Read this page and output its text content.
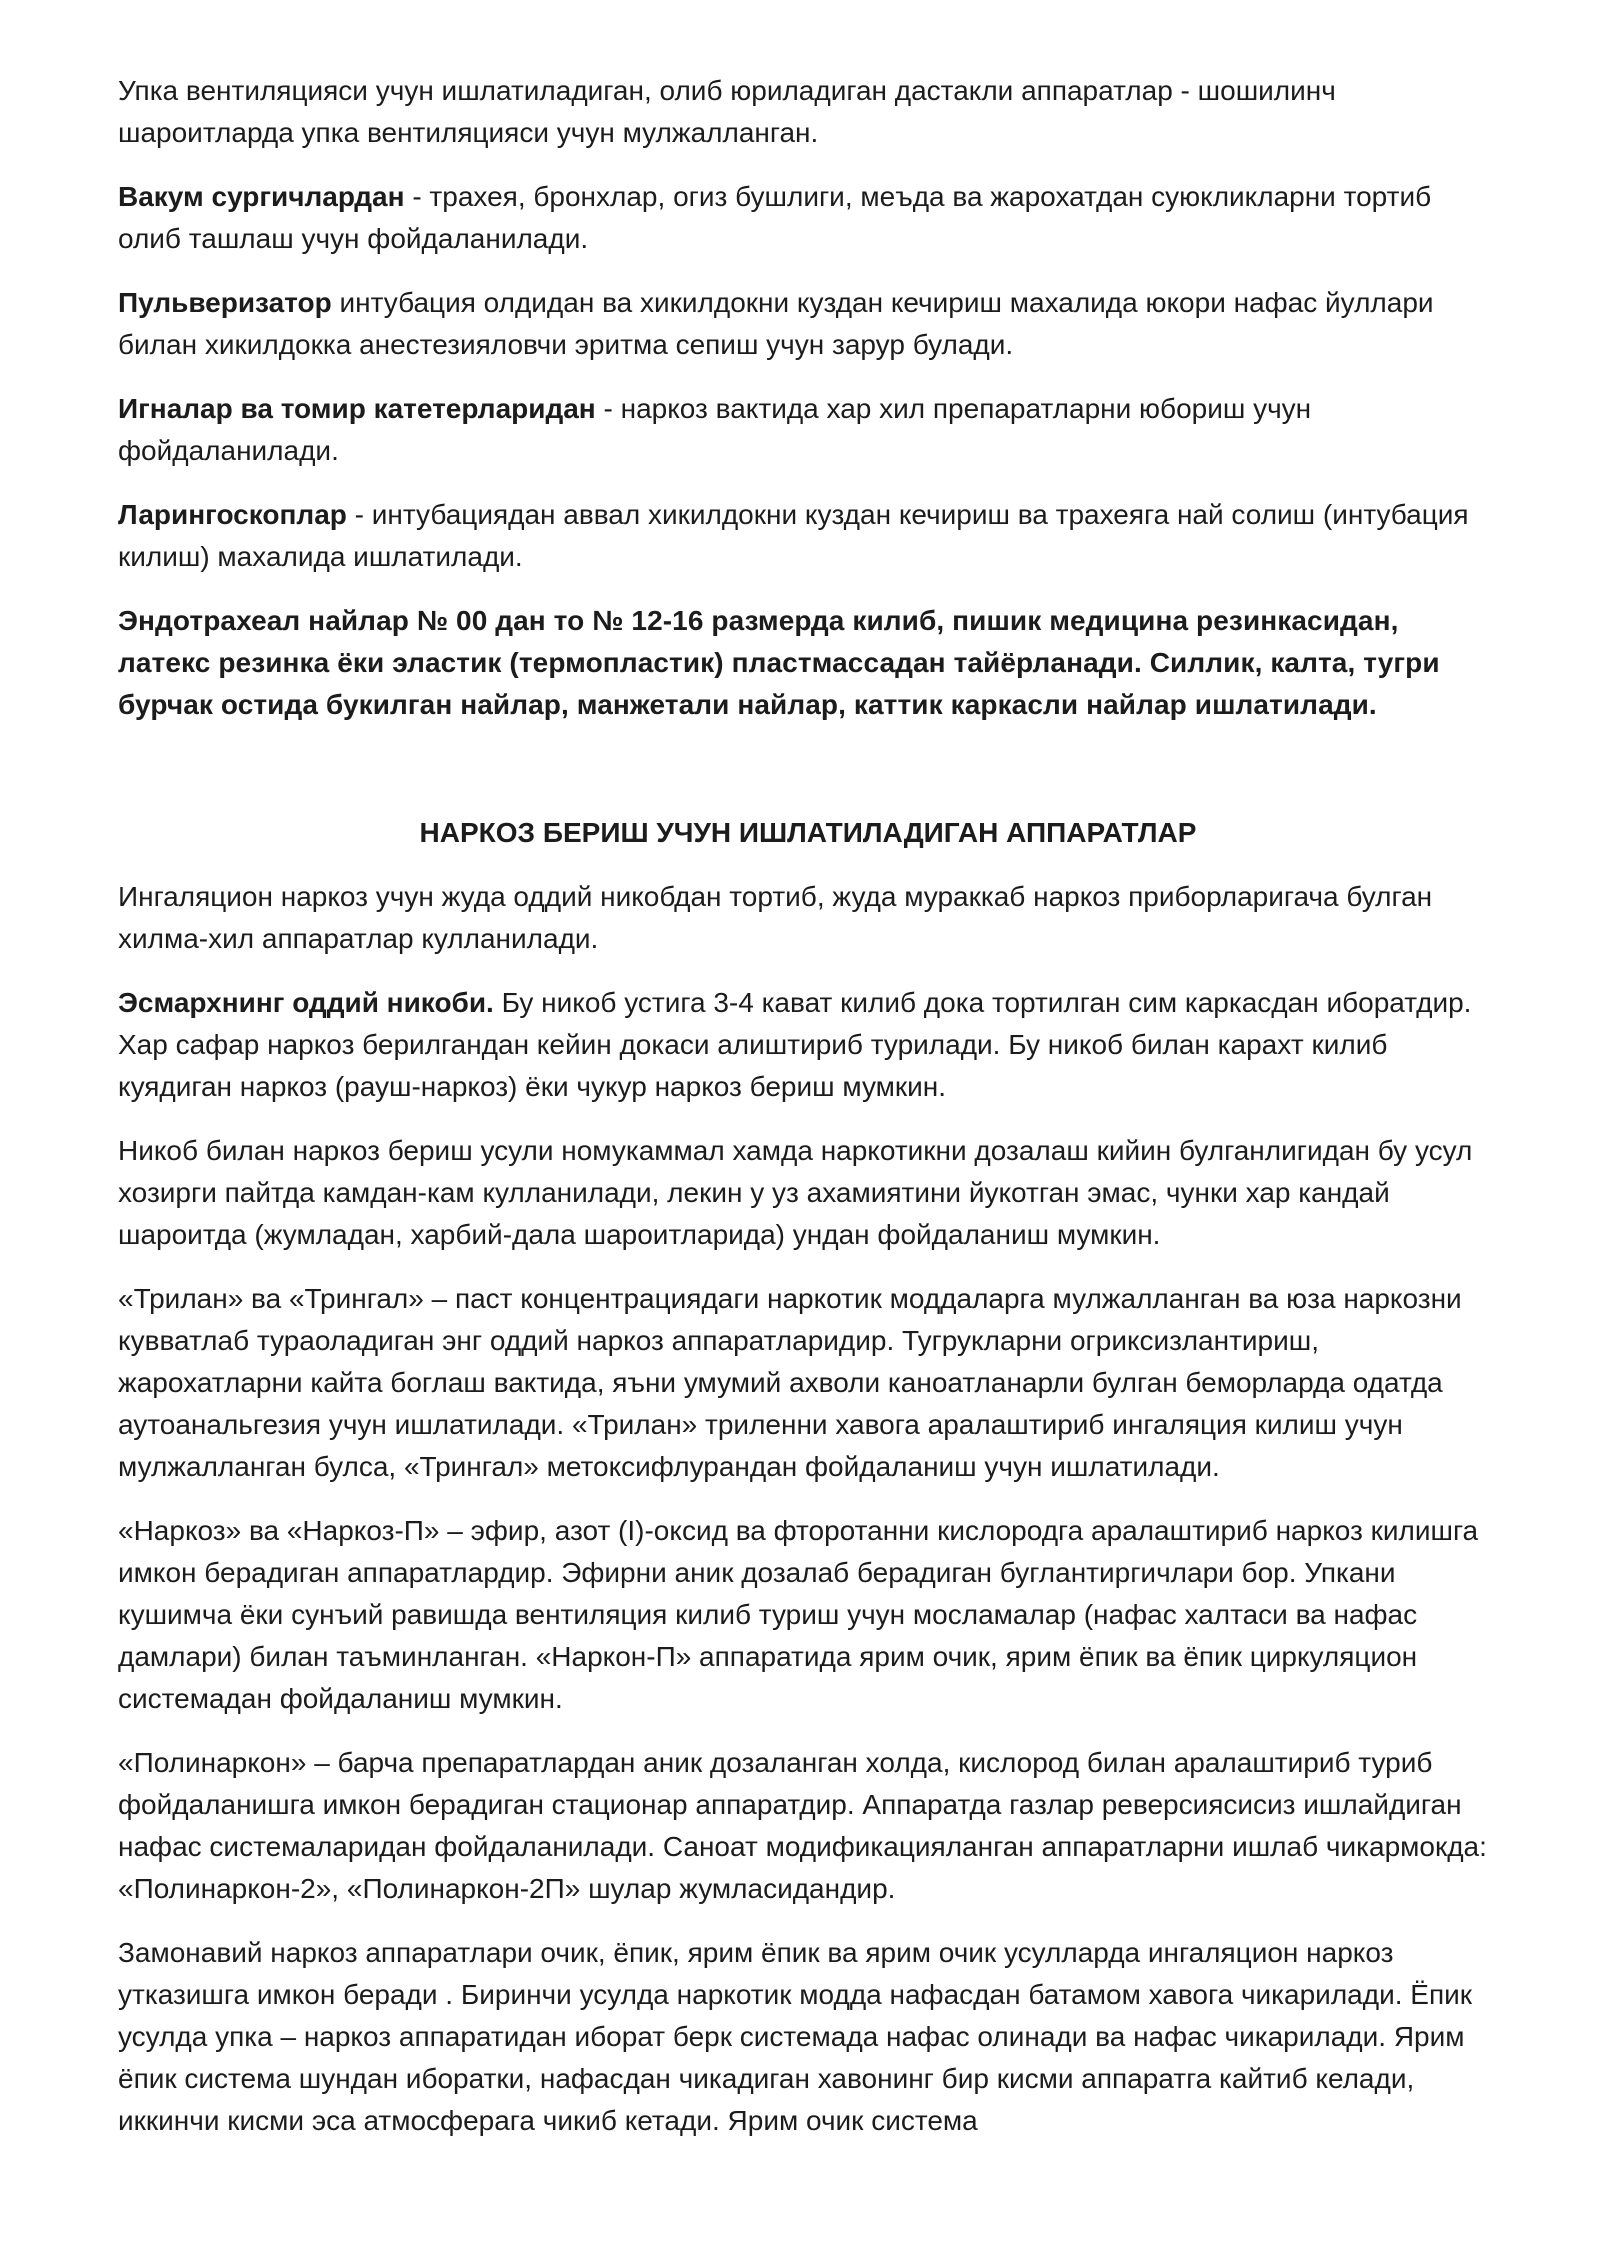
Упка вентиляцияси учун ишлатиладиган, олиб юриладиган дастакли аппаратлар - шошилинч шароитларда упка вентиляцияси учун мулжалланган.

Вакум сургичлардан - трахея, бронхлар, огиз бушлиги, меъда ва жарохатдан суюкликларни тортиб олиб ташлаш учун фойдаланилади.

Пульверизатор интубация олдидан ва хикилдокни куздан кечириш махалида юкори нафас йуллари билан хикилдокка анестезияловчи эритма сепиш учун зарур булади.

Игналар ва томир катетерларидан - наркоз вактида хар хил препаратларни юбориш учун фойдаланилади.

Ларингоскоплар - интубациядан аввал хикилдокни куздан кечириш ва трахеяга най солиш (интубация килиш) махалида ишлатилади.

Эндотрахеал найлар № 00 дан то № 12-16 размерда килиб, пишик медицина резинкасидан, латекс резинка ёки эластик (термопластик) пластмассадан тайёрланади. Силлик, калта, тугри бурчак остида букилган найлар, манжетали найлар, каттик каркасли найлар ишлатилади.

НАРКОЗ БЕРИШ УЧУН ИШЛАТИЛАДИГАН АППАРАТЛАР

Ингаляцион наркоз учун жуда оддий никобдан тортиб, жуда мураккаб наркоз приборларигача булган хилма-хил аппаратлар кулланилади.

Эсмархнинг оддий никоби. Бу никоб устига 3-4 кават килиб дока тортилган сим каркасдан иборатдир. Хар сафар наркоз берилгандан кейин докаси алиштириб турилади. Бу никоб билан карахт килиб куядиган наркоз (рауш-наркоз) ёки чукур наркоз бериш мумкин.

Никоб билан наркоз бериш усули номукаммал хамда наркотикни дозалаш кийин булганлигидан бу усул хозирги пайтда камдан-кам кулланилади, лекин у уз ахамиятини йукотган эмас, чунки хар кандай шароитда (жумладан, харбий-дала шароитларида) ундан фойдаланиш мумкин.

«Трилан» ва «Трингал» – паст концентрациядаги наркотик моддаларга мулжалланган ва юза наркозни кувватлаб тураоладиган энг оддий наркоз аппаратларидир. Тугрукларни огриксизлантириш, жарохатларни кайта боглаш вактида, яъни умумий ахволи каноатланарли булган беморларда одатда аутоанальгезия учун ишлатилади. «Трилан» триленни хавога аралаштириб ингаляция килиш учун мулжалланган булса, «Трингал» метоксифлурандан фойдаланиш учун ишлатилади.

«Наркоз» ва «Наркоз-П» – эфир, азот (I)-оксид ва фторотанни кислородга аралаштириб наркоз килишга имкон берадиган аппаратлардир. Эфирни аник дозалаб берадиган буглантиргичлари бор. Упкани кушимча ёки сунъий равишда вентиляция килиб туриш учун мосламалар (нафас халтаси ва нафас дамлари) билан таъминланган. «Наркон-П» аппаратида ярим очик, ярим ёпик ва ёпик циркуляцион системадан фойдаланиш мумкин.

«Полинаркон» – барча препаратлардан аник дозаланган холда, кислород билан аралаштириб туриб фойдаланишга имкон берадиган стационар аппаратдир. Аппаратда газлар реверсиясисиз ишлайдиган нафас системаларидан фойдаланилади. Саноат модификацияланган аппаратларни ишлаб чикармокда: «Полинаркон-2», «Полинаркон-2П» шулар жумласидандир.

Замонавий наркоз аппаратлари очик, ёпик, ярим ёпик ва ярим очик усулларда ингаляцион наркоз утказишга имкон беради . Биринчи усулда наркотик модда нафасдан батамом хавога чикарилади. Ёпик усулда упка – наркоз аппаратидан иборат берк системада нафас олинади ва нафас чикарилади. Ярим ёпик система шундан иборатки, нафасдан чикадиган хавонинг бир кисми аппаратга кайтиб келади, иккинчи кисми эса атмосферага чикиб кетади. Ярим очик система
